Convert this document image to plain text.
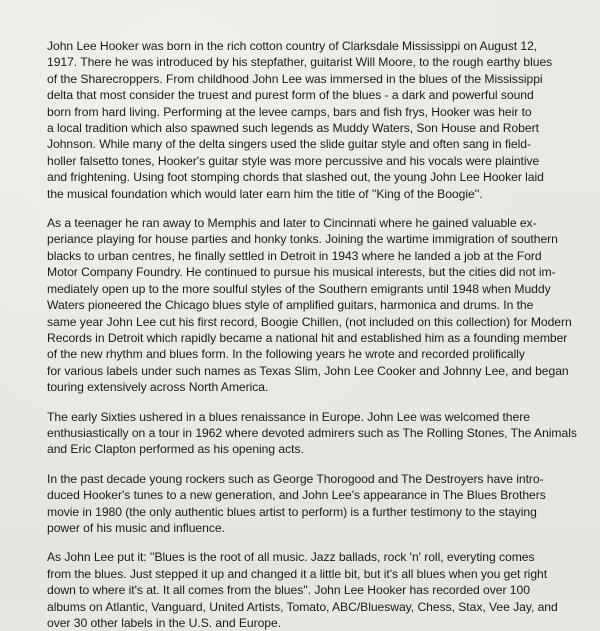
John Lee Hooker was born in the rich cotton country of Clarksdale Mississippi on August 12,
1917. There he was introduced by his stepfather, guitarist Will Moore, to the rough earthy blues
of the Sharecroppers. From childhood John Lee was immersed in the blues of the Mississippi
delta that most consider the truest and purest form of the blues - a dark and powerful sound
born from hard living. Performing at the levee camps, bars and fish frys, Hooker was heir to
a local tradition which also spawned such legends as Muddy Waters, Son House and Robert
Johnson. While many of the delta singers used the slide guitar style and often sang in field-
holler falsetto tones, Hooker's guitar style was more percussive and his vocals were plaintive
and frightening. Using foot stomping chords that slashed out, the young John Lee Hooker laid
the musical foundation which would later earn him the title of ''King of the Boogie''.

As a teenager he ran away to Memphis and later to Cincinnati where he gained valuable ex-
periance playing for house parties and honky tonks. Joining the wartime immigration of southern
blacks to urban centres, he finally settled in Detroit in 1943 where he landed a job at the Ford
Motor Company Foundry. He continued to pursue his musical interests, but the cities did not im-
mediately open up to the more soulful styles of the Southern emigrants until 1948 when Muddy
Waters pioneered the Chicago blues style of amplified guitars, harmonica and drums. In the
same year John Lee cut his first record, Boogie Chillen, (not included on this collection) for Modern
Records in Detroit which rapidly became a national hit and established him as a founding member
of the new rhythm and blues form. In the following years he wrote and recorded prolifically
for various labels under such names as Texas Slim, John Lee Cooker and Johnny Lee, and began
touring extensively across North America.

The early Sixties ushered in a blues renaissance in Europe. John Lee was welcomed there
enthusiastically on a tour in 1962 where devoted admirers such as The Rolling Stones, The Animals
and Eric Clapton performed as his opening acts.

In the past decade young rockers such as George Thorogood and The Destroyers have intro-
duced Hooker's tunes to a new generation, and John Lee's appearance in The Blues Brothers
movie in 1980 (the only authentic blues artist to perform) is a further testimony to the staying
power of his music and influence.

As John Lee put it: ''Blues is the root of all music. Jazz ballads, rock 'n' roll, everyting comes
from the blues. Just stepped it up and changed it a little bit, but it's all blues when you get right
down to where it's at. It all comes from the blues''. John Lee Hooker has recorded over 100
albums on Atlantic, Vanguard, United Artists, Tomato, ABC/Bluesway, Chess, Stax, Vee Jay, and
over 30 other labels in the U.S. and Europe.
